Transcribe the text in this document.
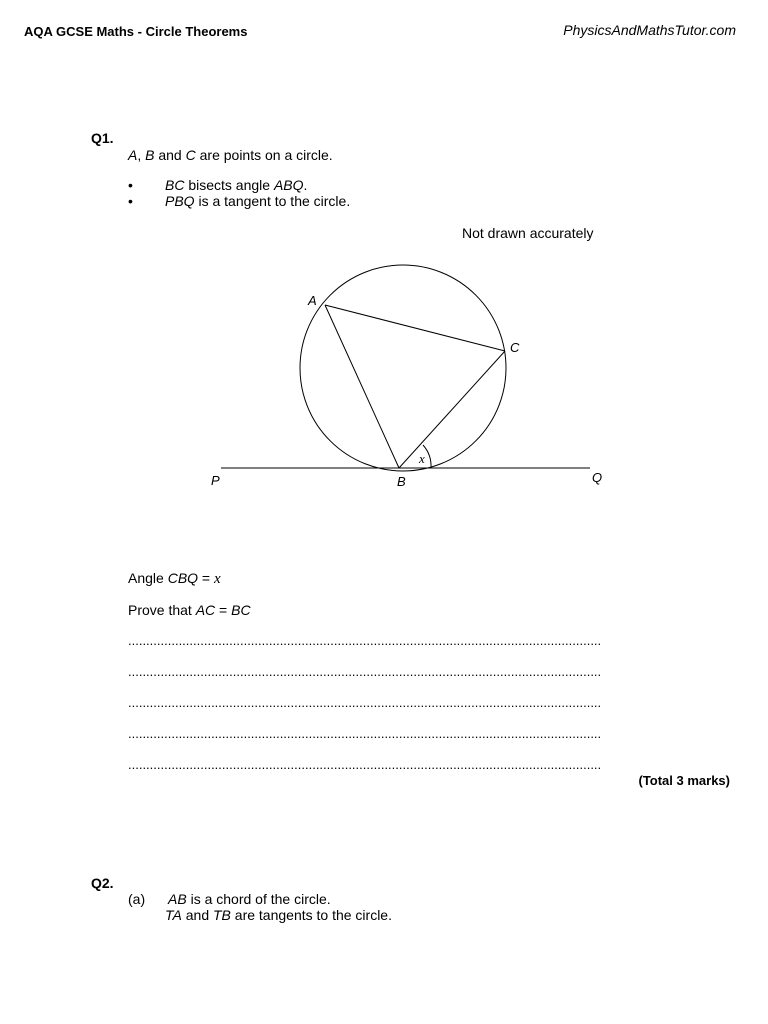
AQA GCSE Maths - Circle Theorems	PhysicsAndMathsTutor.com
Q1.
A, B and C are points on a circle.
• BC bisects angle ABQ.
• PBQ is a tangent to the circle.
Not drawn accurately
A
C
B
P	Q
x
Angle CBQ = x
Prove that AC = BC
...................................................................................................................................
...................................................................................................................................
...................................................................................................................................
...................................................................................................................................
...................................................................................................................................
(Total 3 marks)
Q2.
(a) AB is a chord of the circle.
TA and TB are tangents to the circle.
